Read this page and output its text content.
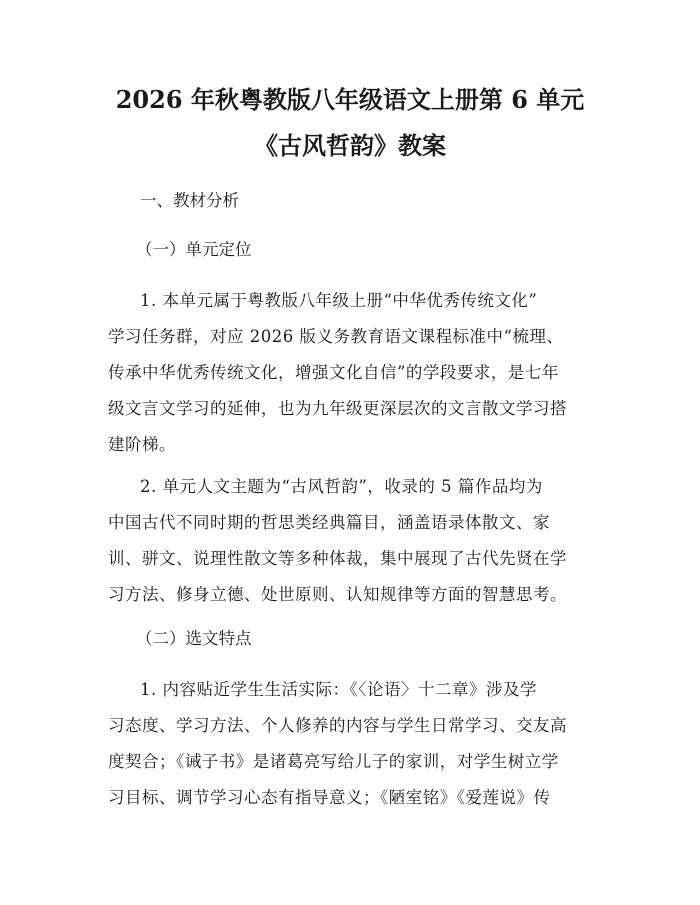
2026 年秋粤教版八年级语文上册第 6 单元
《古风哲韵》教案
一、教材分析
（一）单元定位
1. 本单元属于粤教版八年级上册“中华优秀传统文化”
学习任务群，对应 2026 版义务教育语文课程标准中“梳理、
传承中华优秀传统文化，增强文化自信”的学段要求，是七年
级文言文学习的延伸，也为九年级更深层次的文言散文学习搭
建阶梯。
2. 单元人文主题为“古风哲韵”，收录的 5 篇作品均为
中国古代不同时期的哲思类经典篇目，涵盖语录体散文、家
训、骈文、说理性散文等多种体裁，集中展现了古代先贤在学
习方法、修身立德、处世原则、认知规律等方面的智慧思考。
（二）选文特点
1. 内容贴近学生生活实际：《〈论语〉十二章》涉及学
习态度、学习方法、个人修养的内容与学生日常学习、交友高
度契合；《诫子书》是诸葛亮写给儿子的家训，对学生树立学
习目标、调节学习心态有指导意义；《陋室铭》《爱莲说》传
